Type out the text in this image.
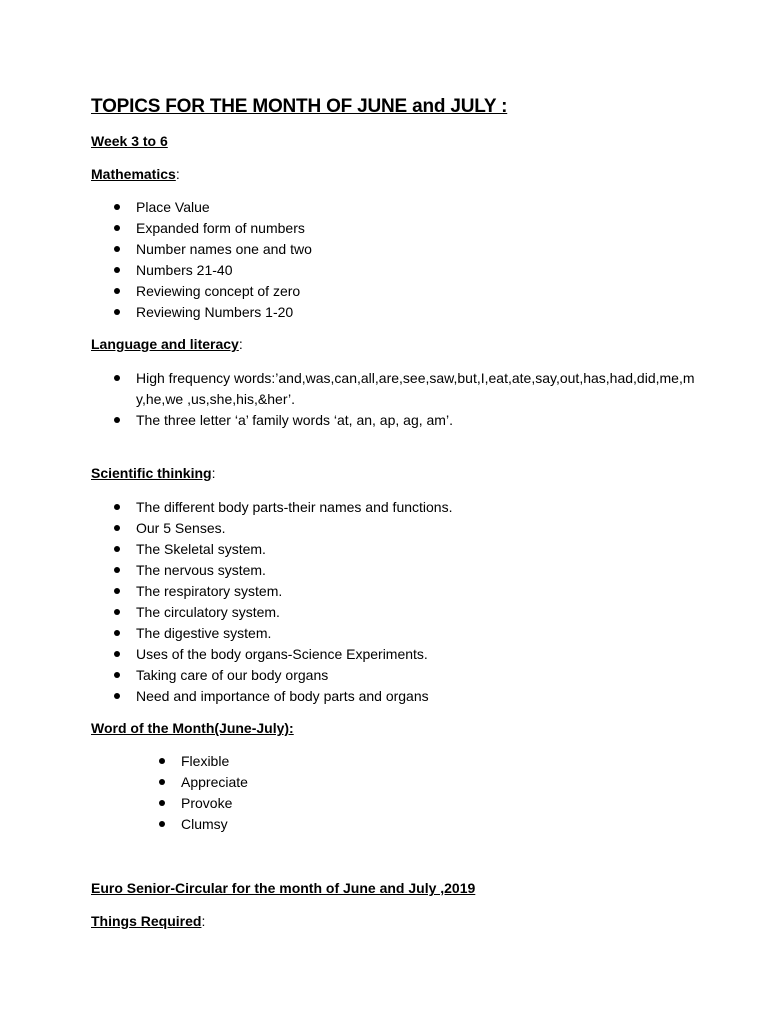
TOPICS FOR THE MONTH OF JUNE and JULY :
Week 3 to 6
Mathematics:
Place Value
Expanded form of numbers
Number names one and two
Numbers 21-40
Reviewing concept of zero
Reviewing Numbers 1-20
Language and literacy:
High frequency words:’and,was,can,all,are,see,saw,but,I,eat,ate,say,out,has,had,did,me,my,he,we ,us,she,his,&her’.
The three letter ‘a’ family words ‘at, an, ap, ag, am’.
Scientific thinking:
The different body parts-their names and functions.
Our 5 Senses.
The Skeletal system.
The nervous system.
The respiratory system.
The circulatory system.
The digestive system.
Uses of the body organs-Science Experiments.
Taking care of our body organs
Need and importance of body parts and organs
Word of the Month(June-July):
Flexible
Appreciate
Provoke
Clumsy
Euro Senior-Circular for the month of June and July ,2019
Things Required:
